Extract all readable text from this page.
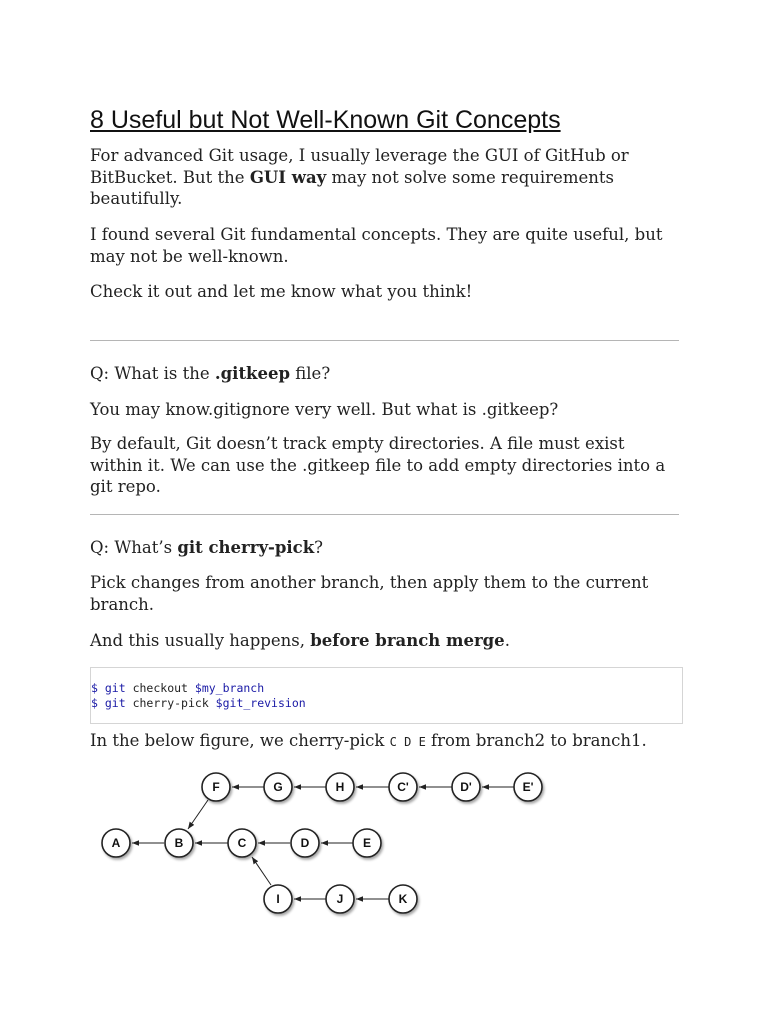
8 Useful but Not Well-Known Git Concepts

For advanced Git usage, I usually leverage the GUI of GitHub or BitBucket. But the GUI way may not solve some requirements beautifully.

I found several Git fundamental concepts. They are quite useful, but may not be well-known.

Check it out and let me know what you think!

Q: What is the .gitkeep file?

You may know.gitignore very well. But what is .gitkeep?

By default, Git doesn’t track empty directories. A file must exist within it. We can use the .gitkeep file to add empty directories into a git repo.

Q: What’s git cherry-pick?

Pick changes from another branch, then apply them to the current branch.

And this usually happens, before branch merge.

$ git checkout $my_branch
$ git cherry-pick $git_revision

In the below figure, we cherry-pick C D E from branch2 to branch1.

A	B	C	D	E
F	G	H	C'	D'	E'
I	J	K
